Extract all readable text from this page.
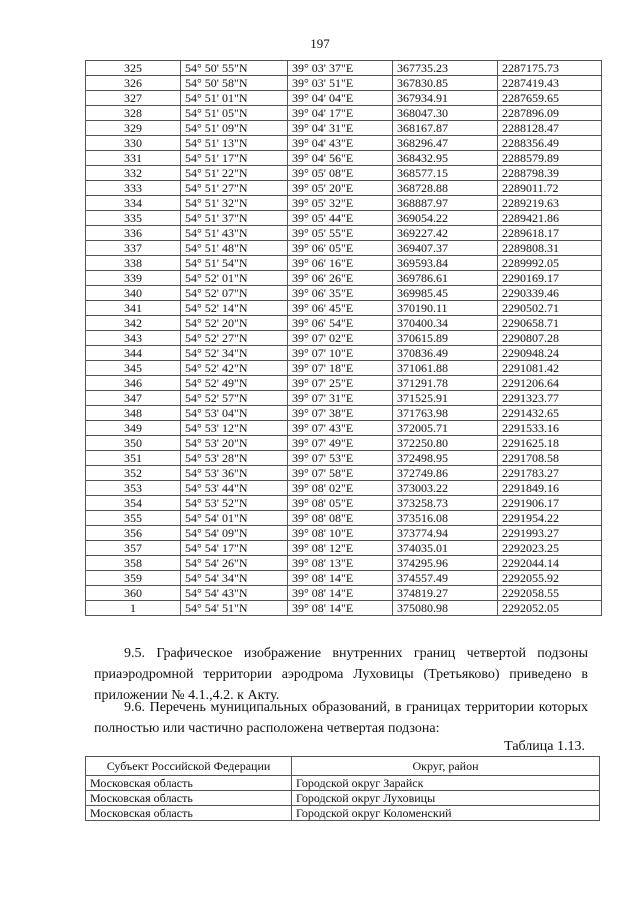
197
325	54° 50' 55"N	39° 03' 37"E	367735.23	2287175.73
326	54° 50' 58"N	39° 03' 51"E	367830.85	2287419.43
327	54° 51' 01"N	39° 04' 04"E	367934.91	2287659.65
328	54° 51' 05"N	39° 04' 17"E	368047.30	2287896.09
329	54° 51' 09"N	39° 04' 31"E	368167.87	2288128.47
330	54° 51' 13"N	39° 04' 43"E	368296.47	2288356.49
331	54° 51' 17"N	39° 04' 56"E	368432.95	2288579.89
332	54° 51' 22"N	39° 05' 08"E	368577.15	2288798.39
333	54° 51' 27"N	39° 05' 20"E	368728.88	2289011.72
334	54° 51' 32"N	39° 05' 32"E	368887.97	2289219.63
335	54° 51' 37"N	39° 05' 44"E	369054.22	2289421.86
336	54° 51' 43"N	39° 05' 55"E	369227.42	2289618.17
337	54° 51' 48"N	39° 06' 05"E	369407.37	2289808.31
338	54° 51' 54"N	39° 06' 16"E	369593.84	2289992.05
339	54° 52' 01"N	39° 06' 26"E	369786.61	2290169.17
340	54° 52' 07"N	39° 06' 35"E	369985.45	2290339.46
341	54° 52' 14"N	39° 06' 45"E	370190.11	2290502.71
342	54° 52' 20"N	39° 06' 54"E	370400.34	2290658.71
343	54° 52' 27"N	39° 07' 02"E	370615.89	2290807.28
344	54° 52' 34"N	39° 07' 10"E	370836.49	2290948.24
345	54° 52' 42"N	39° 07' 18"E	371061.88	2291081.42
346	54° 52' 49"N	39° 07' 25"E	371291.78	2291206.64
347	54° 52' 57"N	39° 07' 31"E	371525.91	2291323.77
348	54° 53' 04"N	39° 07' 38"E	371763.98	2291432.65
349	54° 53' 12"N	39° 07' 43"E	372005.71	2291533.16
350	54° 53' 20"N	39° 07' 49"E	372250.80	2291625.18
351	54° 53' 28"N	39° 07' 53"E	372498.95	2291708.58
352	54° 53' 36"N	39° 07' 58"E	372749.86	2291783.27
353	54° 53' 44"N	39° 08' 02"E	373003.22	2291849.16
354	54° 53' 52"N	39° 08' 05"E	373258.73	2291906.17
355	54° 54' 01"N	39° 08' 08"E	373516.08	2291954.22
356	54° 54' 09"N	39° 08' 10"E	373774.94	2291993.27
357	54° 54' 17"N	39° 08' 12"E	374035.01	2292023.25
358	54° 54' 26"N	39° 08' 13"E	374295.96	2292044.14
359	54° 54' 34"N	39° 08' 14"E	374557.49	2292055.92
360	54° 54' 43"N	39° 08' 14"E	374819.27	2292058.55
1	54° 54' 51"N	39° 08' 14"E	375080.98	2292052.05
9.5. Графическое изображение внутренних границ четвертой подзоны приаэродромной территории аэродрома Луховицы (Третьяково) приведено в приложении № 4.1.,4.2. к Акту.
9.6. Перечень муниципальных образований, в границах территории которых полностью или частично расположена четвертая подзона:
Таблица 1.13.
Субъект Российской Федерации	Округ, район
Московская область	Городской округ Зарайск
Московская область	Городской округ Луховицы
Московская область	Городской округ Коломенский
